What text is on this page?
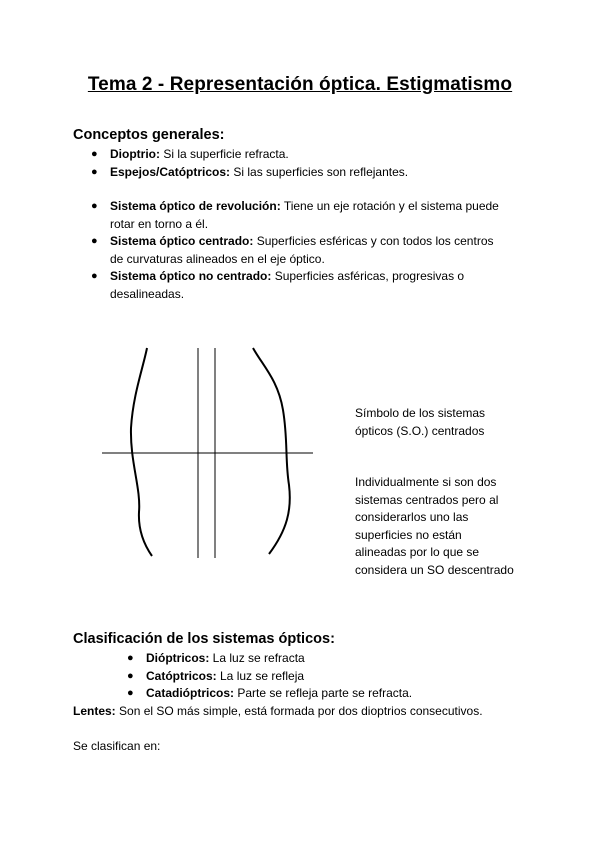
Tema 2 - Representación óptica. Estigmatismo
Conceptos generales:
● Dioptrio: Si la superficie refracta.
● Espejos/Catóptricos: Si las superficies son reflejantes.
● Sistema óptico de revolución: Tiene un eje rotación y el sistema puede rotar en torno a él.
● Sistema óptico centrado: Superficies esféricas y con todos los centros de curvaturas alineados en el eje óptico.
● Sistema óptico no centrado: Superficies asféricas, progresivas o desalineadas.
Símbolo de los sistemas ópticos (S.O.) centrados
Individualmente si son dos sistemas centrados pero al considerarlos uno las superficies no están alineadas por lo que se considera un SO descentrado
Clasificación de los sistemas ópticos:
● Dióptricos: La luz se refracta
● Catóptricos: La luz se refleja
● Catadióptricos: Parte se refleja parte se refracta.
Lentes: Son el SO más simple, está formada por dos dioptrios consecutivos.
Se clasifican en:
